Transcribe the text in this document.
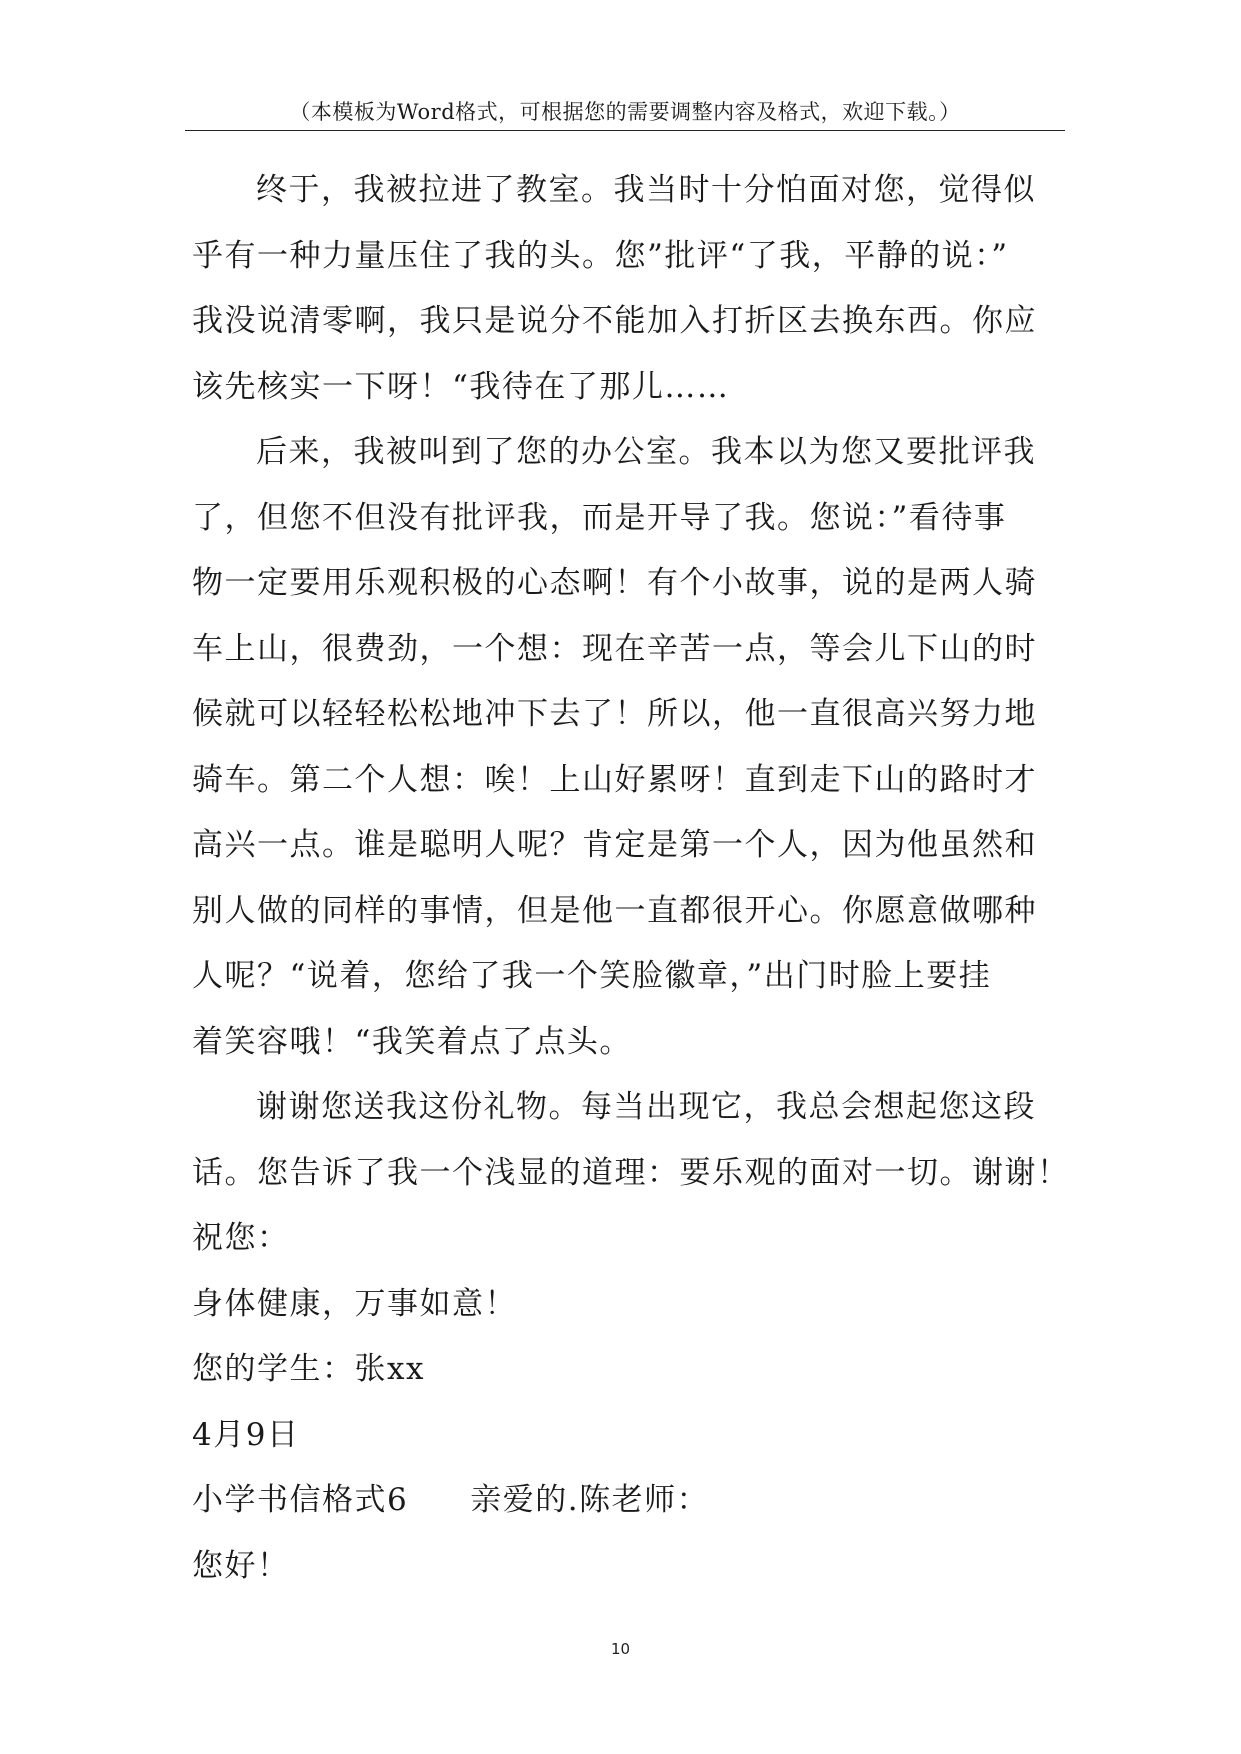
（本模板为Word格式，可根据您的需要调整内容及格式，欢迎下载。）

终于，我被拉进了教室。我当时十分怕面对您，觉得似
乎有一种力量压住了我的头。您”批评“了我，平静的说：”
我没说清零啊，我只是说分不能加入打折区去换东西。你应
该先核实一下呀！“我待在了那儿……

后来，我被叫到了您的办公室。我本以为您又要批评我
了，但您不但没有批评我，而是开导了我。您说：”看待事
物一定要用乐观积极的心态啊！有个小故事，说的是两人骑
车上山，很费劲，一个想：现在辛苦一点，等会儿下山的时
候就可以轻轻松松地冲下去了！所以，他一直很高兴努力地
骑车。第二个人想：唉！上山好累呀！直到走下山的路时才
高兴一点。谁是聪明人呢？肯定是第一个人，因为他虽然和
别人做的同样的事情，但是他一直都很开心。你愿意做哪种
人呢？“说着，您给了我一个笑脸徽章，”出门时脸上要挂
着笑容哦！“我笑着点了点头。

谢谢您送我这份礼物。每当出现它，我总会想起您这段
话。您告诉了我一个浅显的道理：要乐观的面对一切。谢谢！

祝您：

身体健康，万事如意！

您的学生：张xx

4月9日

小学书信格式6 亲爱的.陈老师：

您好！

10
